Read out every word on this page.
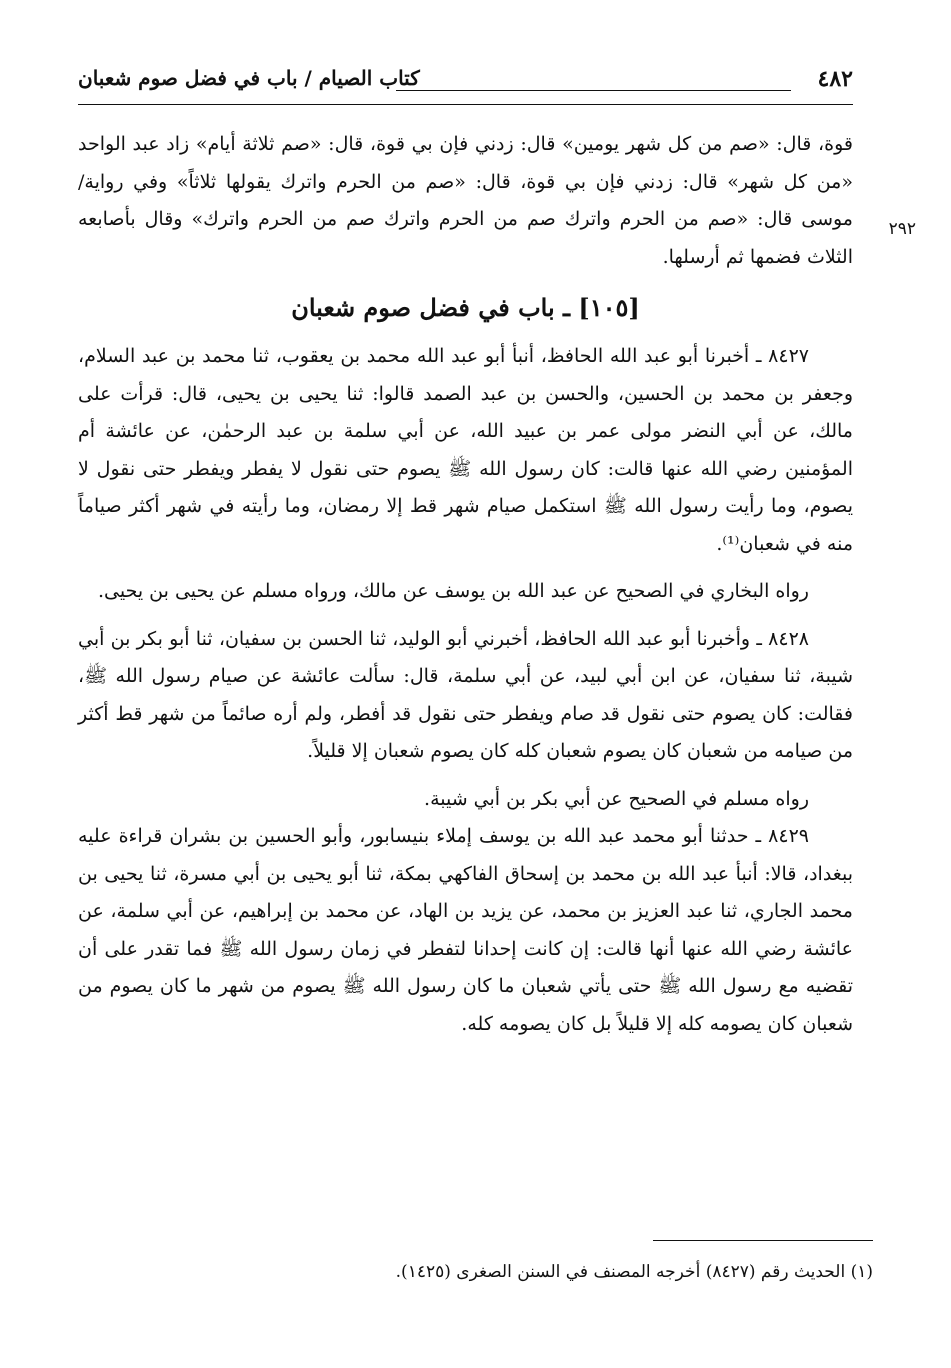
٤٨٢
كتاب الصيام / باب في فضل صوم شعبان
٢٩٢

قوة، قال: «صم من كل شهر يومين» قال: زدني فإن بي قوة، قال: «صم ثلاثة أيام» زاد عبد الواحد «من كل شهر» قال: زدني فإن بي قوة، قال: «صم من الحرم واترك يقولها ثلاثاً» وفي رواية/ موسى قال: «صم من الحرم واترك صم من الحرم واترك صم من الحرم واترك» وقال بأصابعه الثلاث فضمها ثم أرسلها.

[١٠٥] ـ باب في فضل صوم شعبان

٨٤٢٧ ـ أخبرنا أبو عبد الله الحافظ، أنبأ أبو عبد الله محمد بن يعقوب، ثنا محمد بن عبد السلام، وجعفر بن محمد بن الحسين، والحسن بن عبد الصمد قالوا: ثنا يحيى بن يحيى، قال: قرأت على مالك، عن أبي النضر مولى عمر بن عبيد الله، عن أبي سلمة بن عبد الرحمٰن، عن عائشة أم المؤمنين رضي الله عنها قالت: كان رسول الله ﷺ يصوم حتى نقول لا يفطر ويفطر حتى نقول لا يصوم، وما رأيت رسول الله ﷺ استكمل صيام شهر قط إلا رمضان، وما رأيته في شهر أكثر صياماً منه في شعبان⁽¹⁾.

رواه البخاري في الصحيح عن عبد الله بن يوسف عن مالك، ورواه مسلم عن يحيى بن يحيى.

٨٤٢٨ ـ وأخبرنا أبو عبد الله الحافظ، أخبرني أبو الوليد، ثنا الحسن بن سفيان، ثنا أبو بكر بن أبي شيبة، ثنا سفيان، عن ابن أبي لبيد، عن أبي سلمة، قال: سألت عائشة عن صيام رسول الله ﷺ، فقالت: كان يصوم حتى نقول قد صام ويفطر حتى نقول قد أفطر، ولم أره صائماً من شهر قط أكثر من صيامه من شعبان كان يصوم شعبان كله كان يصوم شعبان إلا قليلاً.

رواه مسلم في الصحيح عن أبي بكر بن أبي شيبة.

٨٤٢٩ ـ حدثنا أبو محمد عبد الله بن يوسف إملاء بنيسابور، وأبو الحسين بن بشران قراءة عليه ببغداد، قالا: أنبأ عبد الله بن محمد بن إسحاق الفاكهي بمكة، ثنا أبو يحيى بن أبي مسرة، ثنا يحيى بن محمد الجاري، ثنا عبد العزيز بن محمد، عن يزيد بن الهاد، عن محمد بن إبراهيم، عن أبي سلمة، عن عائشة رضي الله عنها أنها قالت: إن كانت إحدانا لتفطر في زمان رسول الله ﷺ فما تقدر على أن تقضيه مع رسول الله ﷺ حتى يأتي شعبان ما كان رسول الله ﷺ يصوم من شهر ما كان يصوم من شعبان كان يصومه كله إلا قليلاً بل كان يصومه كله.

(١) الحديث رقم (٨٤٢٧) أخرجه المصنف في السنن الصغرى (١٤٢٥).
